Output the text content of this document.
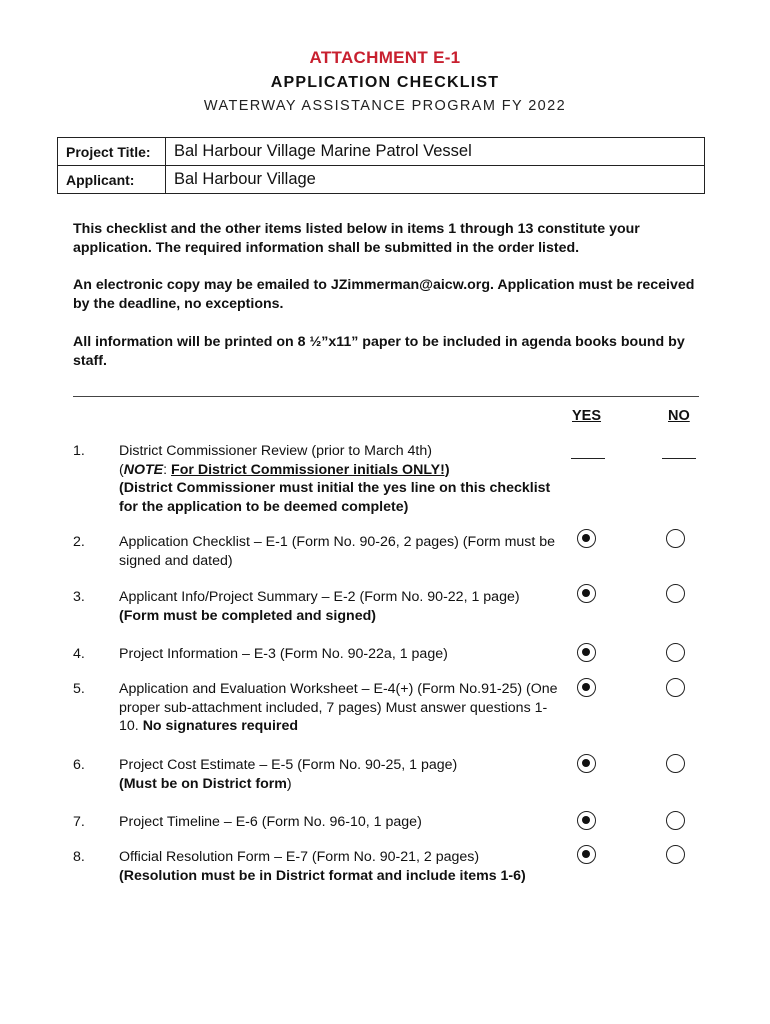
ATTACHMENT E-1
APPLICATION CHECKLIST
WATERWAY ASSISTANCE PROGRAM FY 2022
Project Title:	Bal Harbour Village Marine Patrol Vessel
Applicant:	Bal Harbour Village
This checklist and the other items listed below in items 1 through 13 constitute your application. The required information shall be submitted in the order listed.
An electronic copy may be emailed to JZimmerman@aicw.org. Application must be received by the deadline, no exceptions.
All information will be printed on 8 ½”x11” paper to be included in agenda books bound by staff.
YES	NO
1. District Commissioner Review (prior to March 4th)
(NOTE: For District Commissioner initials ONLY!)
(District Commissioner must initial the yes line on this checklist for the application to be deemed complete)
2. Application Checklist – E-1 (Form No. 90-26, 2 pages) (Form must be signed and dated)
3. Applicant Info/Project Summary – E-2 (Form No. 90-22, 1 page)(Form must be completed and signed)
4. Project Information – E-3 (Form No. 90-22a, 1 page)
5. Application and Evaluation Worksheet – E-4(+) (Form No.91-25) (One proper sub-attachment included, 7 pages) Must answer questions 1-10. No signatures required
6. Project Cost Estimate – E-5 (Form No. 90-25, 1 page)
(Must be on District form)
7. Project Timeline – E-6 (Form No. 96-10, 1 page)
8. Official Resolution Form – E-7 (Form No. 90-21, 2 pages)
(Resolution must be in District format and include items 1-6)
